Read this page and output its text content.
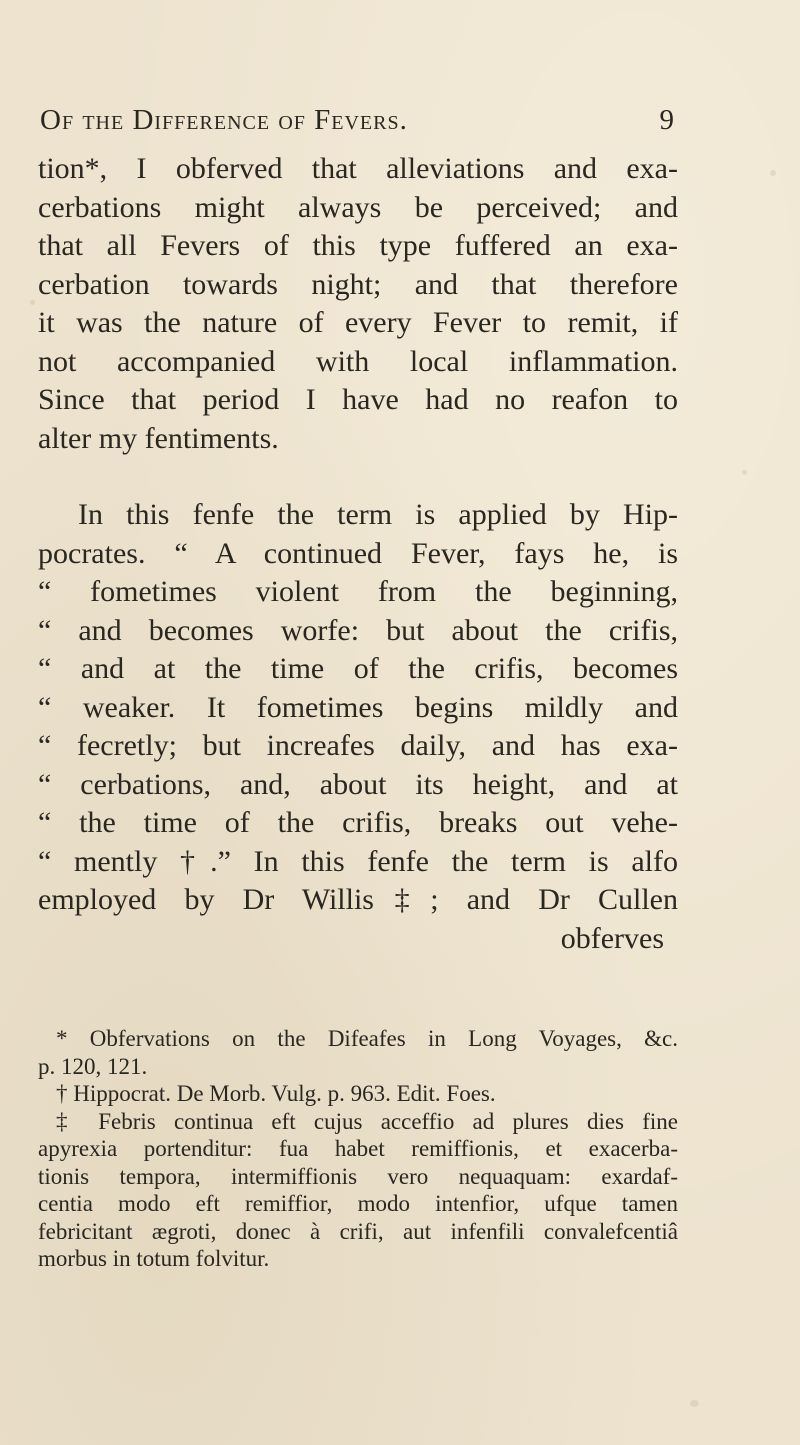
Of the Difference of Fevers.	9
tion*, I obferved that alleviations and exa-
cerbations might always be perceived; and
that all Fevers of this type fuffered an exa-
cerbation towards night; and that therefore
it was the nature of every Fever to remit, if
not accompanied with local inflammation.
Since that period I have had no reafon to
alter my fentiments.
In this fenfe the term is applied by Hip-
pocrates. “ A continued Fever, fays he, is
“ fometimes violent from the beginning,
“ and becomes worfe: but about the crifis,
“ and at the time of the crifis, becomes
“ weaker. It fometimes begins mildly and
“ fecretly; but increafes daily, and has exa-
“ cerbations, and, about its height, and at
“ the time of the crifis, breaks out vehe-
“ mently †.” In this fenfe the term is alfo
employed by Dr Willis‡; and Dr Cullen
obferves
* Obfervations on the Difeafes in Long Voyages, &c.
p. 120, 121.
† Hippocrat. De Morb. Vulg. p. 963. Edit. Foes.
‡ Febris continua eft cujus acceffio ad plures dies fine
apyrexia portenditur: fua habet remiffionis, et exacerba-
tionis tempora, intermiffionis vero nequaquam: exardaf-
centia modo eft remiffior, modo intenfior, ufque tamen
febricitant ægroti, donec à crifi, aut infenfili convalefcentiâ
morbus in totum folvitur.
